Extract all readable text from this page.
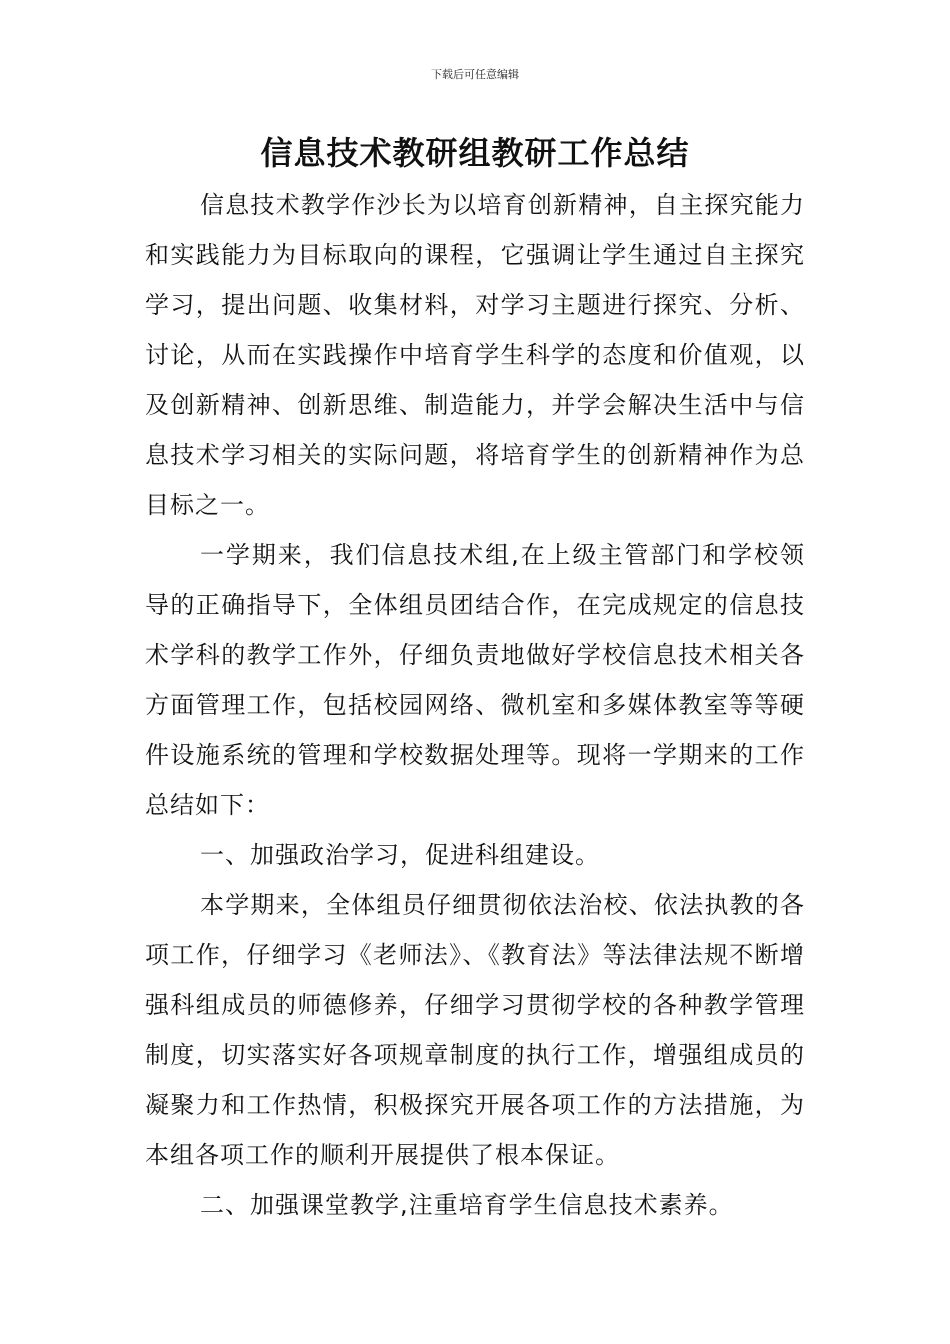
下载后可任意编辑
信息技术教研组教研工作总结

信息技术教学作沙长为以培育创新精神，自主探究能力和实践能力为目标取向的课程，它强调让学生通过自主探究学习，提出问题、收集材料，对学习主题进行探究、分析、讨论，从而在实践操作中培育学生科学的态度和价值观，以及创新精神、创新思维、制造能力，并学会解决生活中与信息技术学习相关的实际问题，将培育学生的创新精神作为总目标之一。

一学期来，我们信息技术组,在上级主管部门和学校领导的正确指导下，全体组员团结合作，在完成规定的信息技术学科的教学工作外，仔细负责地做好学校信息技术相关各方面管理工作，包括校园网络、微机室和多媒体教室等等硬件设施系统的管理和学校数据处理等。现将一学期来的工作总结如下：

一、加强政治学习，促进科组建设。

本学期来，全体组员仔细贯彻依法治校、依法执教的各项工作，仔细学习《老师法》、《教育法》等法律法规不断增强科组成员的师德修养，仔细学习贯彻学校的各种教学管理制度，切实落实好各项规章制度的执行工作，增强组成员的凝聚力和工作热情，积极探究开展各项工作的方法措施，为本组各项工作的顺利开展提供了根本保证。

二、加强课堂教学,注重培育学生信息技术素养。
